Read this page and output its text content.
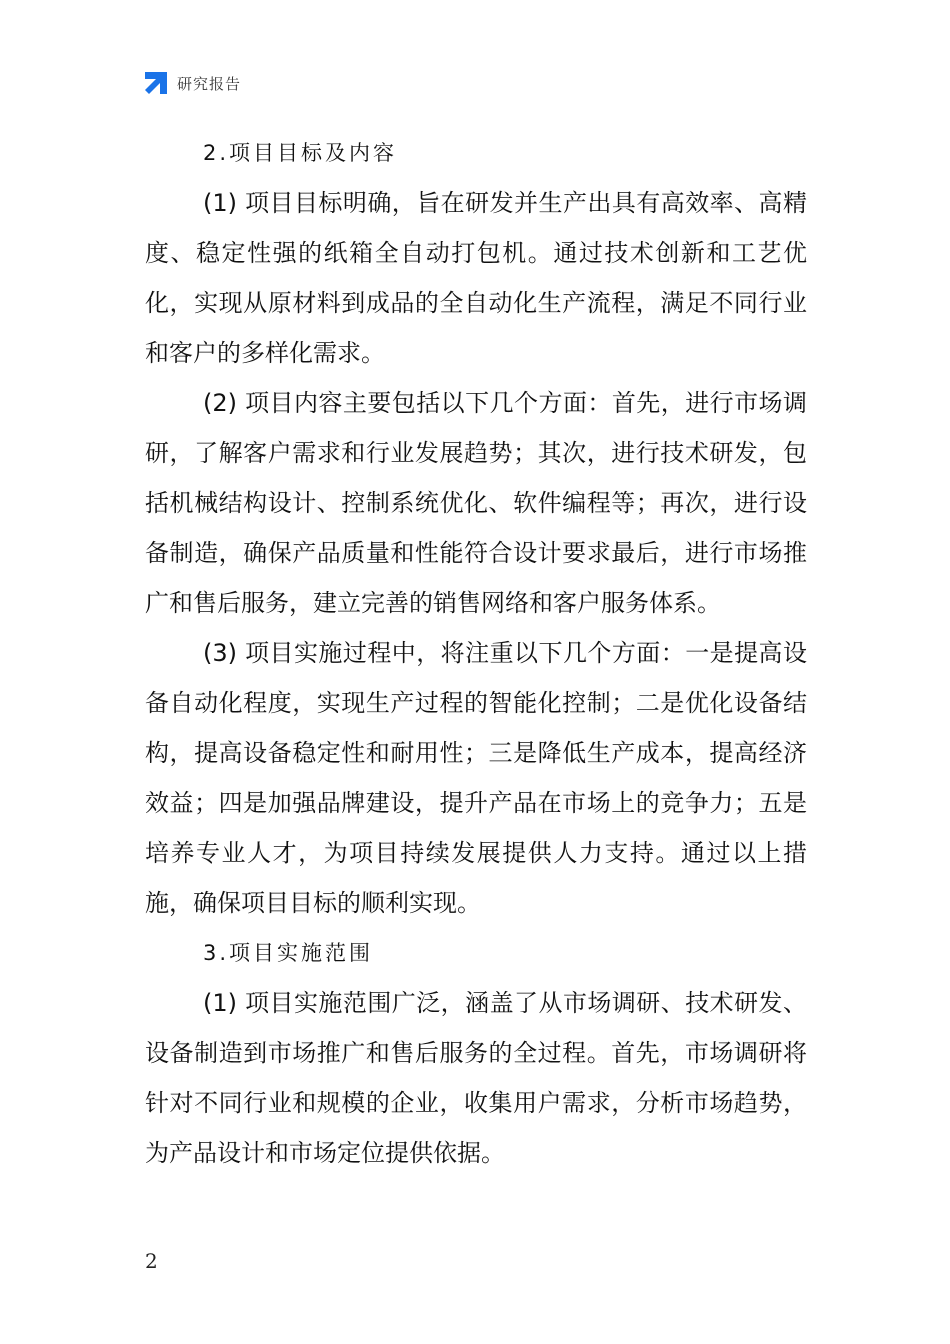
研究报告
2.项目目标及内容

(1) 项目目标明确，旨在研发并生产出具有高效率、高精度、稳定性强的纸箱全自动打包机。通过技术创新和工艺优化，实现从原材料到成品的全自动化生产流程，满足不同行业和客户的多样化需求。

(2) 项目内容主要包括以下几个方面：首先，进行市场调研，了解客户需求和行业发展趋势；其次，进行技术研发，包括机械结构设计、控制系统优化、软件编程等；再次，进行设备制造，确保产品质量和性能符合设计要求最后，进行市场推广和售后服务，建立完善的销售网络和客户服务体系。

(3) 项目实施过程中，将注重以下几个方面：一是提高设备自动化程度，实现生产过程的智能化控制；二是优化设备结构，提高设备稳定性和耐用性；三是降低生产成本，提高经济效益；四是加强品牌建设，提升产品在市场上的竞争力；五是培养专业人才，为项目持续发展提供人力支持。通过以上措施，确保项目目标的顺利实现。

3.项目实施范围

(1) 项目实施范围广泛，涵盖了从市场调研、技术研发、设备制造到市场推广和售后服务的全过程。首先，市场调研将针对不同行业和规模的企业，收集用户需求，分析市场趋势，为产品设计和市场定位提供依据。

2
